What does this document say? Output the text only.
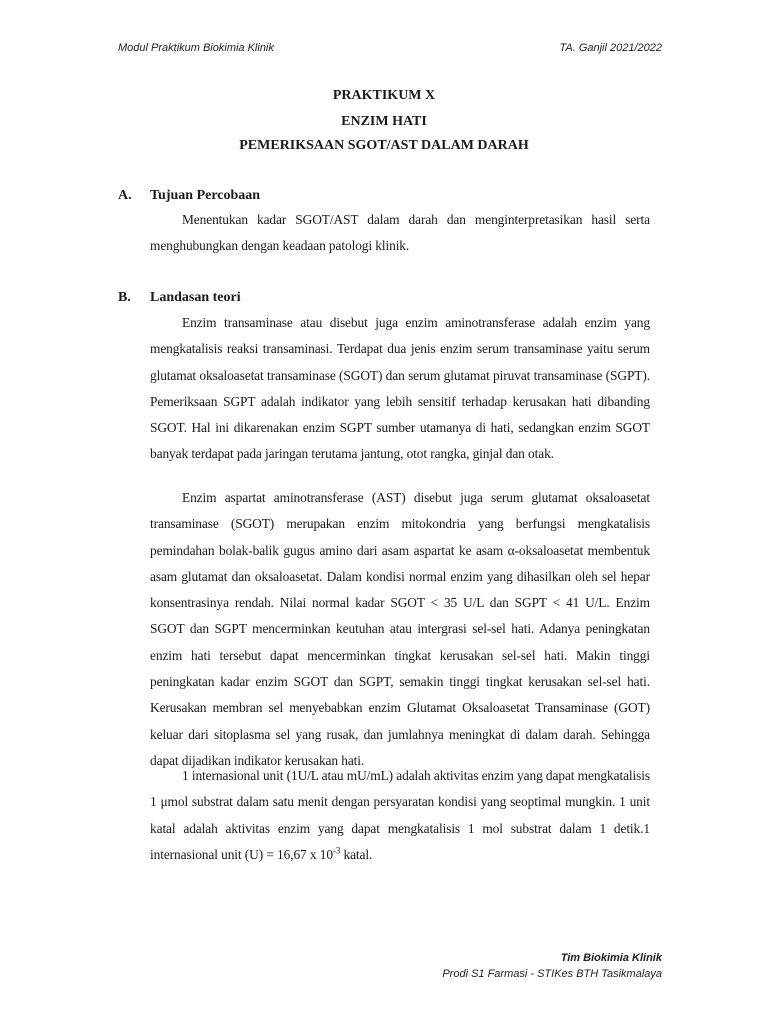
Modul Praktikum Biokimia Klinik	TA. Ganjil 2021/2022
PRAKTIKUM X
ENZIM HATI
PEMERIKSAAN SGOT/AST DALAM DARAH
A. Tujuan Percobaan

Menentukan kadar SGOT/AST dalam darah dan menginterpretasikan hasil serta menghubungkan dengan keadaan patologi klinik.

B. Landasan teori

Enzim transaminase atau disebut juga enzim aminotransferase adalah enzim yang mengkatalisis reaksi transaminasi. Terdapat dua jenis enzim serum transaminase yaitu serum glutamat oksaloasetat transaminase (SGOT) dan serum glutamat piruvat transaminase (SGPT). Pemeriksaan SGPT adalah indikator yang lebih sensitif terhadap kerusakan hati dibanding SGOT. Hal ini dikarenakan enzim SGPT sumber utamanya di hati, sedangkan enzim SGOT banyak terdapat pada jaringan terutama jantung, otot rangka, ginjal dan otak.

Enzim aspartat aminotransferase (AST) disebut juga serum glutamat oksaloasetat transaminase (SGOT) merupakan enzim mitokondria yang berfungsi mengkatalisis pemindahan bolak-balik gugus amino dari asam aspartat ke asam α-oksaloasetat membentuk asam glutamat dan oksaloasetat. Dalam kondisi normal enzim yang dihasilkan oleh sel hepar konsentrasinya rendah. Nilai normal kadar SGOT < 35 U/L dan SGPT < 41 U/L. Enzim SGOT dan SGPT mencerminkan keutuhan atau intergrasi sel-sel hati. Adanya peningkatan enzim hati tersebut dapat mencerminkan tingkat kerusakan sel-sel hati. Makin tinggi peningkatan kadar enzim SGOT dan SGPT, semakin tinggi tingkat kerusakan sel-sel hati. Kerusakan membran sel menyebabkan enzim Glutamat Oksaloasetat Transaminase (GOT) keluar dari sitoplasma sel yang rusak, dan jumlahnya meningkat di dalam darah. Sehingga dapat dijadikan indikator kerusakan hati.

1 internasional unit (1U/L atau mU/mL) adalah aktivitas enzim yang dapat mengkatalisis 1 μmol substrat dalam satu menit dengan persyaratan kondisi yang seoptimal mungkin. 1 unit katal adalah aktivitas enzim yang dapat mengkatalisis 1 mol substrat dalam 1 detik.1 internasional unit (U) = 16,67 x $10^{-3}$ katal.

Tim Biokimia Klinik
Prodi S1 Farmasi - STIKes BTH Tasikmalaya
